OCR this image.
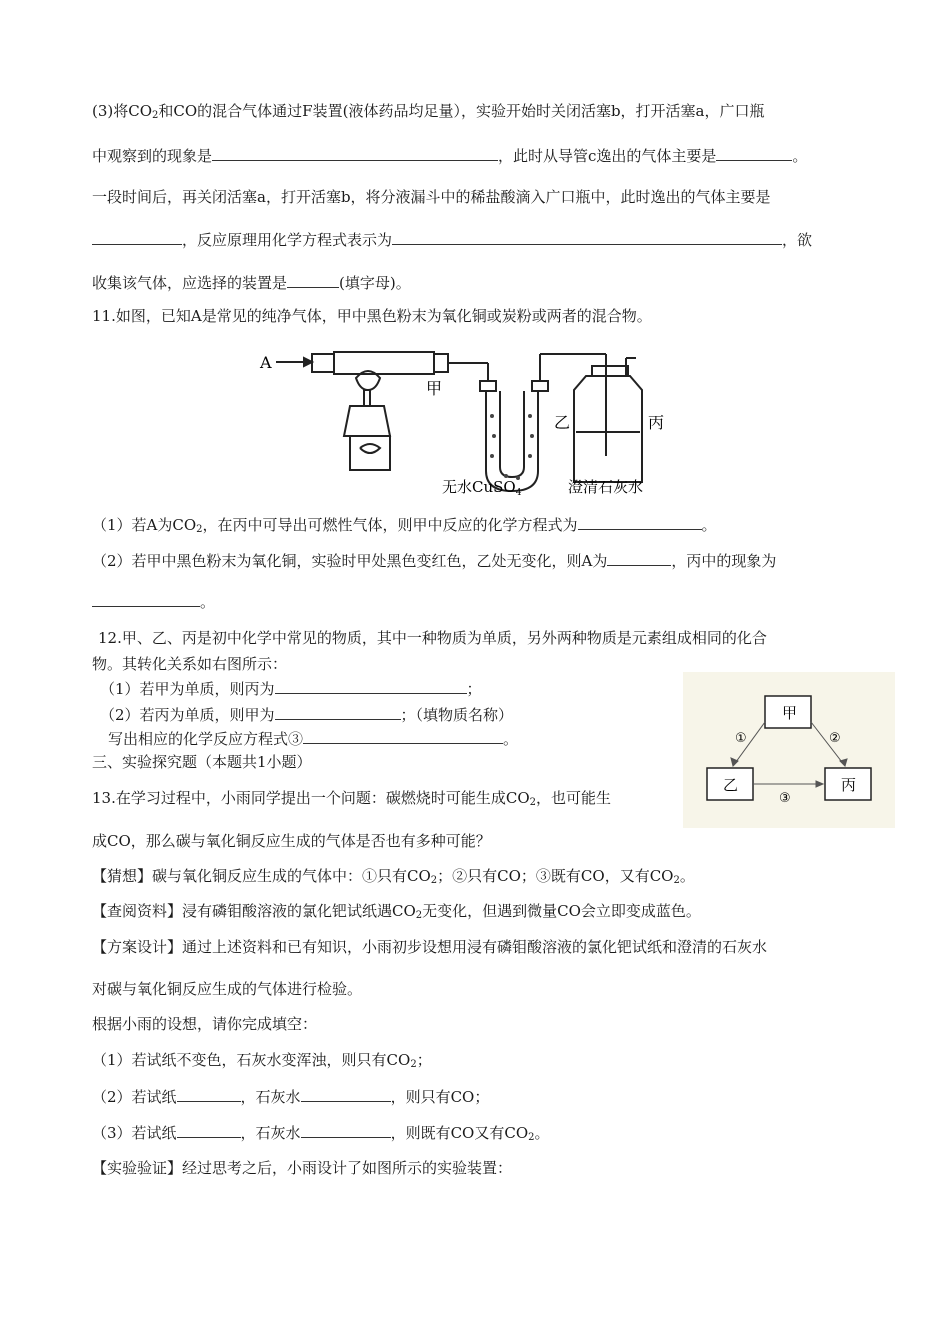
(3)将$CO_2$和CO的混合气体通过F装置(液体药品均足量），实验开始时关闭活塞b，打开活塞a，广口瓶
中观察到的现象是	，此时从导管c逸出的气体主要是	。
一段时间后，再关闭活塞a，打开活塞b，将分液漏斗中的稀盐酸滴入广口瓶中，此时逸出的气体主要是
，反应原理用化学方程式表示为	，欲
收集该气体，应选择的装置是	(填字母)。
11.如图，已知A是常见的纯净气体，甲中黑色粉末为氧化铜或炭粉或两者的混合物。
A
甲
乙	丙
无水CuSO$_4$	澄清石灰水
（1）若A为$CO_2$，在丙中可导出可燃性气体，则甲中反应的化学方程式为	。
（2）若甲中黑色粉末为氧化铜，实验时甲处黑色变红色，乙处无变化，则A为	，丙中的现象为
。
12.甲、乙、丙是初中化学中常见的物质，其中一种物质为单质，另外两种物质是元素组成相同的化合
物。其转化关系如右图所示：
（1）若甲为单质，则丙为	；
（2）若丙为单质，则甲为	；（填物质名称）
写出相应的化学反应方程式③	。
甲
乙	丙
①	②
③
三、实验探究题（本题共1小题）
13.在学习过程中，小雨同学提出一个问题：碳燃烧时可能生成$CO_2$，也可能生
成CO，那么碳与氧化铜反应生成的气体是否也有多种可能？
【猜想】碳与氧化铜反应生成的气体中：①只有$CO_2$；②只有CO；③既有CO，又有$CO_2$。
【查阅资料】浸有磷钼酸溶液的氯化钯试纸遇$CO_2$无变化，但遇到微量CO会立即变成蓝色。
【方案设计】通过上述资料和已有知识，小雨初步设想用浸有磷钼酸溶液的氯化钯试纸和澄清的石灰水
对碳与氧化铜反应生成的气体进行检验。
根据小雨的设想，请你完成填空：
（1）若试纸不变色，石灰水变浑浊，则只有$CO_2$；
（2）若试纸	，石灰水	，则只有CO；
（3）若试纸	，石灰水	，则既有CO又有$CO_2$。
【实验验证】经过思考之后，小雨设计了如图所示的实验装置：
